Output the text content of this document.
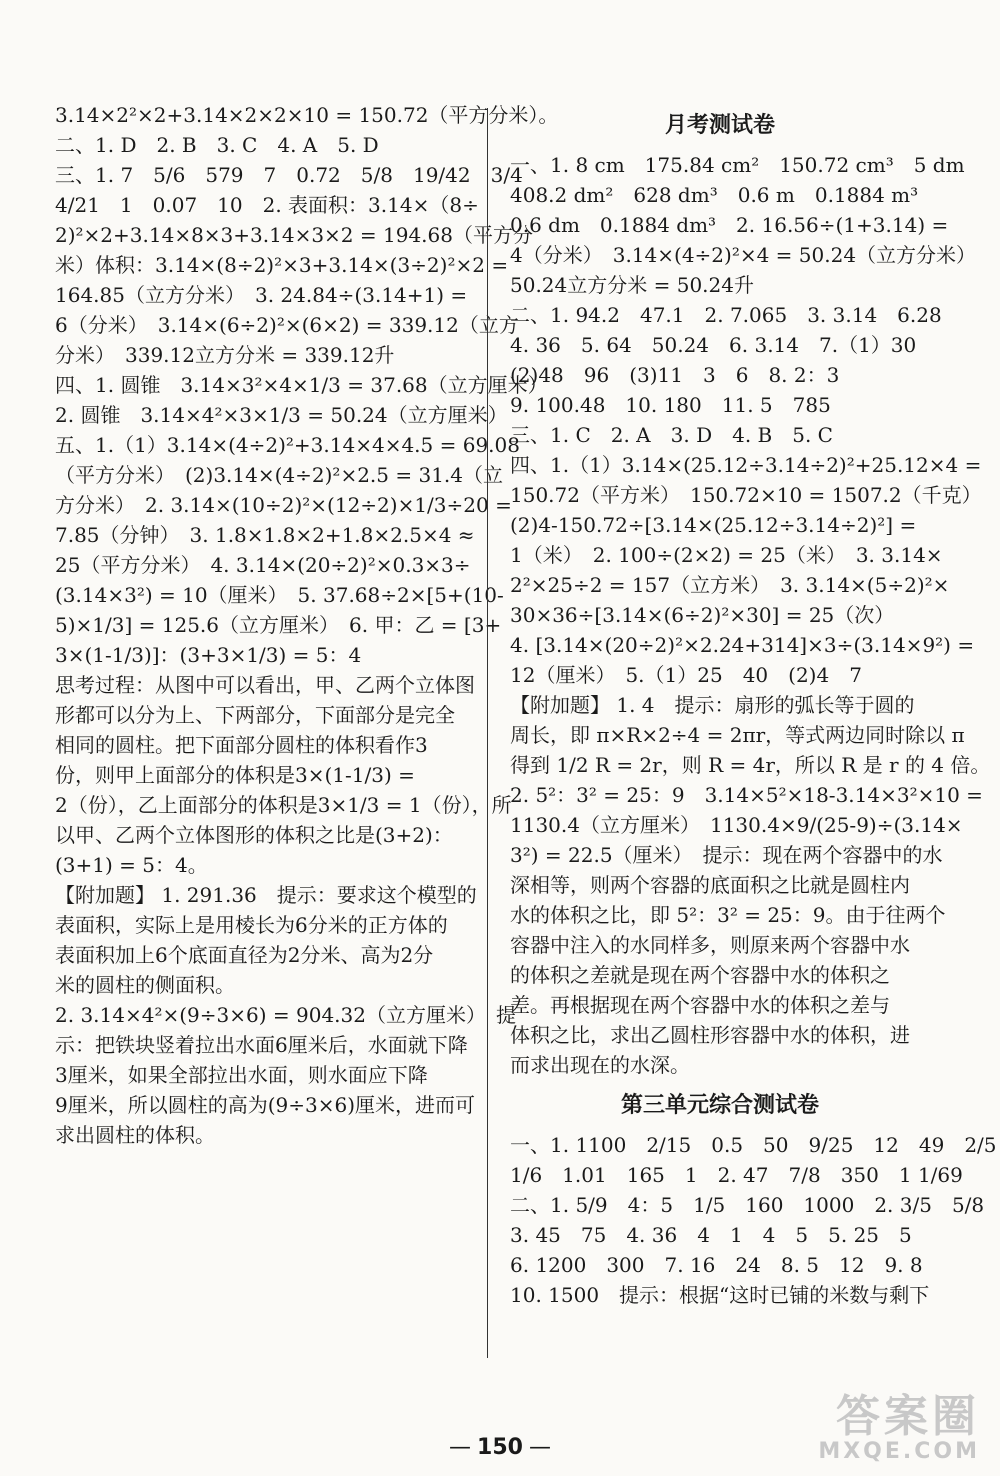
3.14×2²×2+3.14×2×2×10 = 150.72（平方分米）。
二、1. D　2. B　3. C　4. A　5. D
三、1. 7　5/6　579　7　0.72　5/8　19/42　3/4
4/21　1　0.07　10　2. 表面积：3.14×（8÷
2)²×2+3.14×8×3+3.14×3×2 = 194.68（平方分
米）体积：3.14×(8÷2)²×3+3.14×(3÷2)²×2 =
164.85（立方分米）　3. 24.84÷(3.14+1) =
6（分米）　3.14×(6÷2)²×(6×2) = 339.12（立方
分米）　339.12立方分米 = 339.12升
四、1. 圆锥　3.14×3²×4×1/3 = 37.68（立方厘米）
2. 圆锥　3.14×4²×3×1/3 = 50.24（立方厘米）
五、1.（1）3.14×(4÷2)²+3.14×4×4.5 = 69.08
（平方分米）　(2)3.14×(4÷2)²×2.5 = 31.4（立
方分米）　2. 3.14×(10÷2)²×(12÷2)×1/3÷20 =
7.85（分钟）　3. 1.8×1.8×2+1.8×2.5×4 ≈
25（平方分米）　4. 3.14×(20÷2)²×0.3×3÷
(3.14×3²) = 10（厘米）　5. 37.68÷2×[5+(10-
5)×1/3] = 125.6（立方厘米）　6. 甲：乙 = [3+
3×(1-1/3)]：(3+3×1/3) = 5：4
思考过程：从图中可以看出，甲、乙两个立体图
形都可以分为上、下两部分，下面部分是完全
相同的圆柱。把下面部分圆柱的体积看作3
份，则甲上面部分的体积是3×(1-1/3) =
2（份），乙上面部分的体积是3×1/3 = 1（份），所
以甲、乙两个立体图形的体积之比是(3+2)：
(3+1) = 5：4。
【附加题】 1. 291.36　提示：要求这个模型的
表面积，实际上是用棱长为6分米的正方体的
表面积加上6个底面直径为2分米、高为2分
米的圆柱的侧面积。
2. 3.14×4²×(9÷3×6) = 904.32（立方厘米）　提
示：把铁块竖着拉出水面6厘米后，水面就下降
3厘米，如果全部拉出水面，则水面应下降
9厘米，所以圆柱的高为(9÷3×6)厘米，进而可
求出圆柱的体积。
月考测试卷
一、1. 8 cm　175.84 cm²　150.72 cm³　5 dm
408.2 dm²　628 dm³　0.6 m　0.1884 m³
0.6 dm　0.1884 dm³　2. 16.56÷(1+3.14) =
4（分米）　3.14×(4÷2)²×4 = 50.24（立方分米）
50.24立方分米 = 50.24升
二、1. 94.2　47.1　2. 7.065　3. 3.14　6.28
4. 36　5. 64　50.24　6. 3.14　7.（1）30
(2)48　96　(3)11　3　6　8. 2：3
9. 100.48　10. 180　11. 5　785
三、1. C　2. A　3. D　4. B　5. C
四、1.（1）3.14×(25.12÷3.14÷2)²+25.12×4 =
150.72（平方米）　150.72×10 = 1507.2（千克）
(2)4-150.72÷[3.14×(25.12÷3.14÷2)²] =
1（米）　2. 100÷(2×2) = 25（米）　3. 3.14×
2²×25÷2 = 157（立方米）　3. 3.14×(5÷2)²×
30×36÷[3.14×(6÷2)²×30] = 25（次）
4. [3.14×(20÷2)²×2.24+314]×3÷(3.14×9²) =
12（厘米）　5.（1）25　40　(2)4　7
【附加题】 1. 4　提示：扇形的弧长等于圆的
周长，即 π×R×2÷4 = 2πr，等式两边同时除以 π
得到 1/2 R = 2r，则 R = 4r，所以 R 是 r 的 4 倍。
2. 5²：3² = 25：9　3.14×5²×18-3.14×3²×10 =
1130.4（立方厘米）　1130.4×9/(25-9)÷(3.14×
3²) = 22.5（厘米）　提示：现在两个容器中的水
深相等，则两个容器的底面积之比就是圆柱内
水的体积之比，即 5²：3² = 25：9。由于往两个
容器中注入的水同样多，则原来两个容器中水
的体积之差就是现在两个容器中水的体积之
差。再根据现在两个容器中水的体积之差与
体积之比，求出乙圆柱形容器中水的体积，进
而求出现在的水深。
第三单元综合测试卷
一、1. 1100　2/15　0.5　50　9/25　12　49　2/5
1/6　1.01　165　1　2. 47　7/8　350　1 1/69
二、1. 5/9　4：5　1/5　160　1000　2. 3/5　5/8
3. 45　75　4. 36　4　1　4　5　5. 25　5
6. 1200　300　7. 16　24　8. 5　12　9. 8
10. 1500　提示：根据“这时已铺的米数与剩下
— 150 —
答案圈
MXQE.COM
